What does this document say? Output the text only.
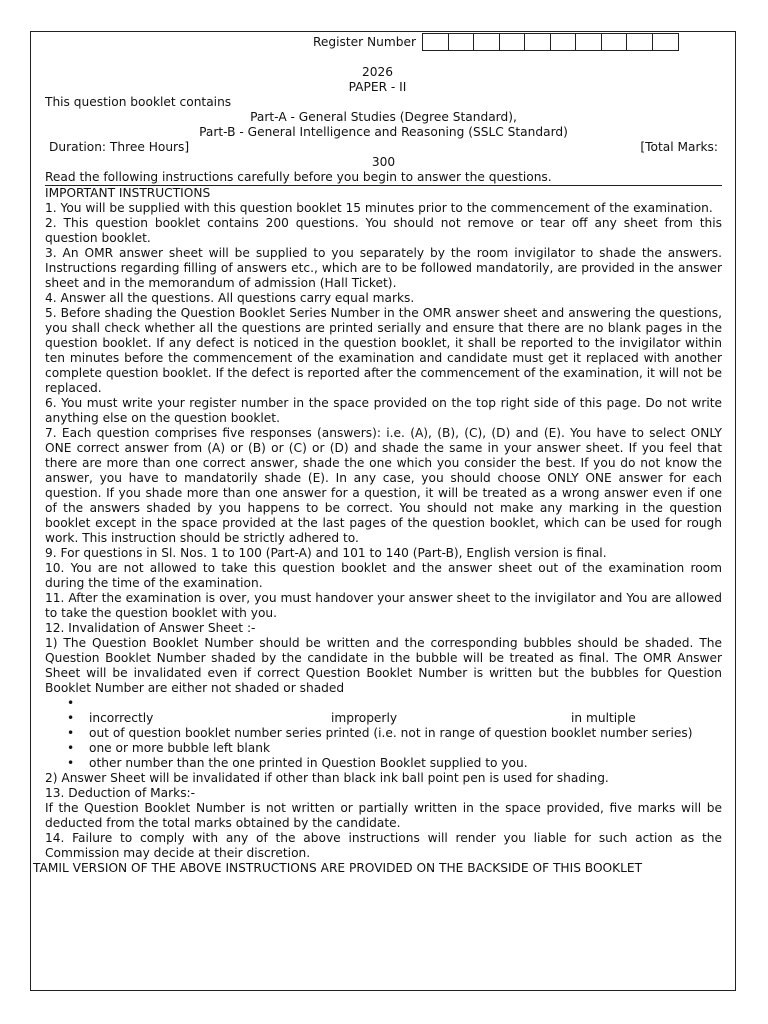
Register Number
2026
PAPER - II
This question booklet contains
Part-A - General Studies (Degree Standard),
Part-B - General Intelligence and Reasoning (SSLC Standard)
Duration: Three Hours]	[Total Marks:
300
Read the following instructions carefully before you begin to answer the questions.
IMPORTANT INSTRUCTIONS
1. You will be supplied with this question booklet 15 minutes prior to the commencement of the examination.
2. This question booklet contains 200 questions. You should not remove or tear off any sheet from this question booklet.
3. An OMR answer sheet will be supplied to you separately by the room invigilator to shade the answers. Instructions regarding filling of answers etc., which are to be followed mandatorily, are provided in the answer sheet and in the memorandum of admission (Hall Ticket).
4. Answer all the questions. All questions carry equal marks.
5. Before shading the Question Booklet Series Number in the OMR answer sheet and answering the questions, you shall check whether all the questions are printed serially and ensure that there are no blank pages in the question booklet. If any defect is noticed in the question booklet, it shall be reported to the invigilator within ten minutes before the commencement of the examination and candidate must get it replaced with another complete question booklet. If the defect is reported after the commencement of the examination, it will not be replaced.
6. You must write your register number in the space provided on the top right side of this page. Do not write anything else on the question booklet.
7. Each question comprises five responses (answers): i.e. (A), (B), (C), (D) and (E). You have to select ONLY ONE correct answer from (A) or (B) or (C) or (D) and shade the same in your answer sheet. If you feel that there are more than one correct answer, shade the one which you consider the best. If you do not know the answer, you have to mandatorily shade (E). In any case, you should choose ONLY ONE answer for each question. If you shade more than one answer for a question, it will be treated as a wrong answer even if one of the answers shaded by you happens to be correct. You should not make any marking in the question booklet except in the space provided at the last pages of the question booklet, which can be used for rough work. This instruction should be strictly adhered to.
9. For questions in Sl. Nos. 1 to 100 (Part-A) and 101 to 140 (Part-B), English version is final.
10. You are not allowed to take this question booklet and the answer sheet out of the examination room during the time of the examination.
11. After the examination is over, you must handover your answer sheet to the invigilator and You are allowed to take the question booklet with you.
12. Invalidation of Answer Sheet :-
1) The Question Booklet Number should be written and the corresponding bubbles should be shaded. The Question Booklet Number shaded by the candidate in the bubble will be treated as final. The OMR Answer Sheet will be invalidated even if correct Question Booklet Number is written but the bubbles for Question Booklet Number are either not shaded or shaded
•
• incorrectly	improperly	in multiple
• out of question booklet number series printed (i.e. not in range of question booklet number series)
• one or more bubble left blank
• other number than the one printed in Question Booklet supplied to you.
2) Answer Sheet will be invalidated if other than black ink ball point pen is used for shading.
13. Deduction of Marks:-
If the Question Booklet Number is not written or partially written in the space provided, five marks will be deducted from the total marks obtained by the candidate.
14. Failure to comply with any of the above instructions will render you liable for such action as the Commission may decide at their discretion.
TAMIL VERSION OF THE ABOVE INSTRUCTIONS ARE PROVIDED ON THE BACKSIDE OF THIS BOOKLET
